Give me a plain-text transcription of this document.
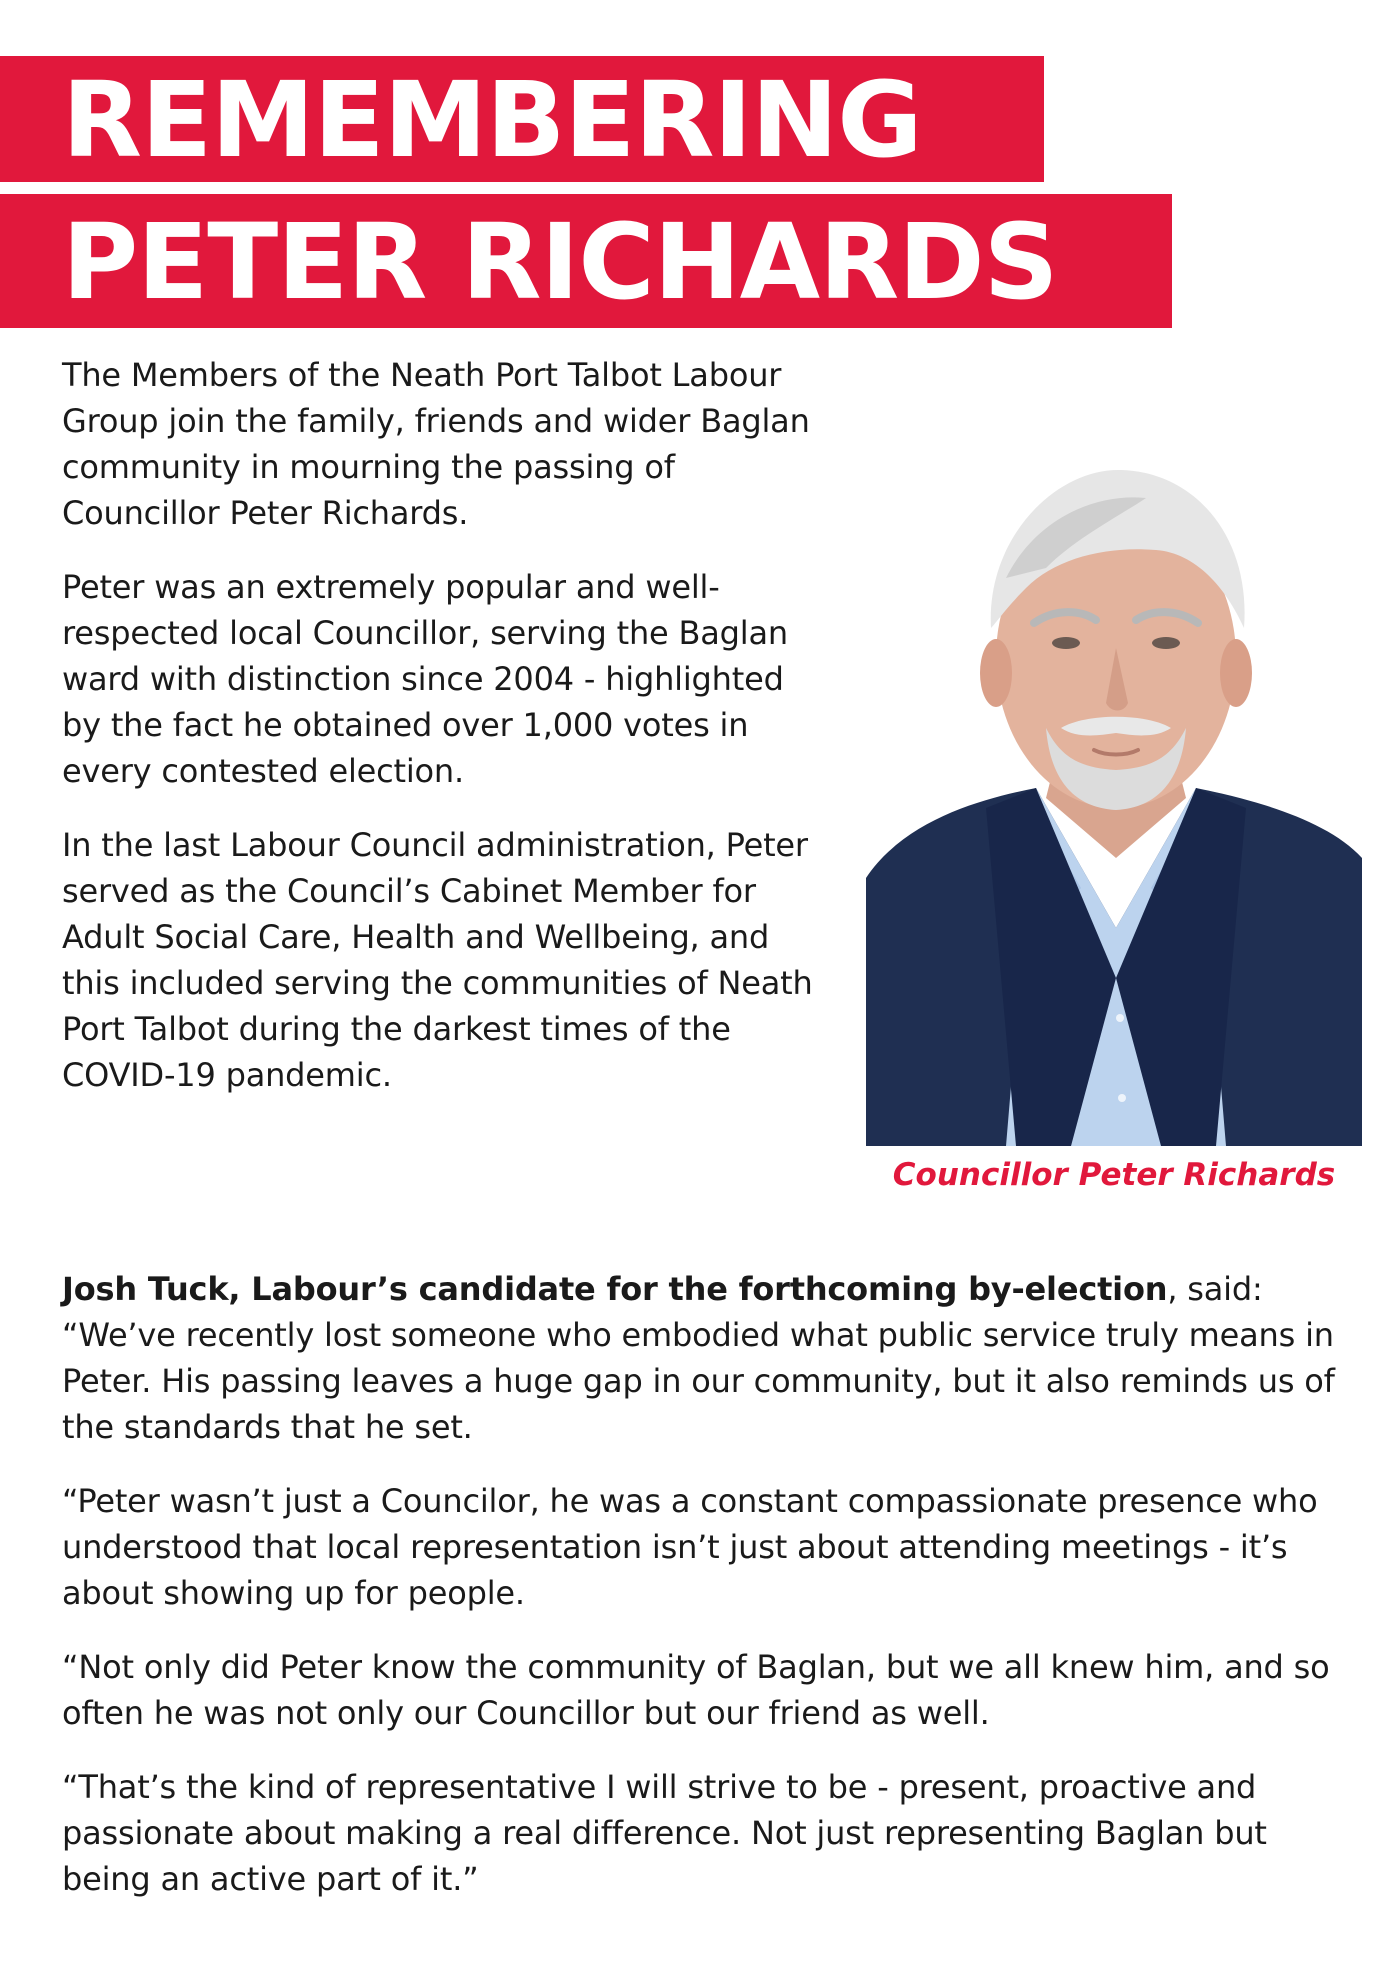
REMEMBERING
PETER RICHARDS

The Members of the Neath Port Talbot Labour Group join the family, friends and wider Baglan community in mourning the passing of Councillor Peter Richards.

Peter was an extremely popular and well-respected local Councillor, serving the Baglan ward with distinction since 2004 - highlighted by the fact he obtained over 1,000 votes in every contested election.

In the last Labour Council administration, Peter served as the Council’s Cabinet Member for Adult Social Care, Health and Wellbeing, and this included serving the communities of Neath Port Talbot during the darkest times of the COVID-19 pandemic.

Councillor Peter Richards

Josh Tuck, Labour’s candidate for the forthcoming by-election, said: “We’ve recently lost someone who embodied what public service truly means in Peter. His passing leaves a huge gap in our community, but it also reminds us of the standards that he set.

“Peter wasn’t just a Councilor, he was a constant compassionate presence who understood that local representation isn’t just about attending meetings - it’s about showing up for people.

“Not only did Peter know the community of Baglan, but we all knew him, and so often he was not only our Councillor but our friend as well.

“That’s the kind of representative I will strive to be - present, proactive and passionate about making a real difference. Not just representing Baglan but being an active part of it.”
